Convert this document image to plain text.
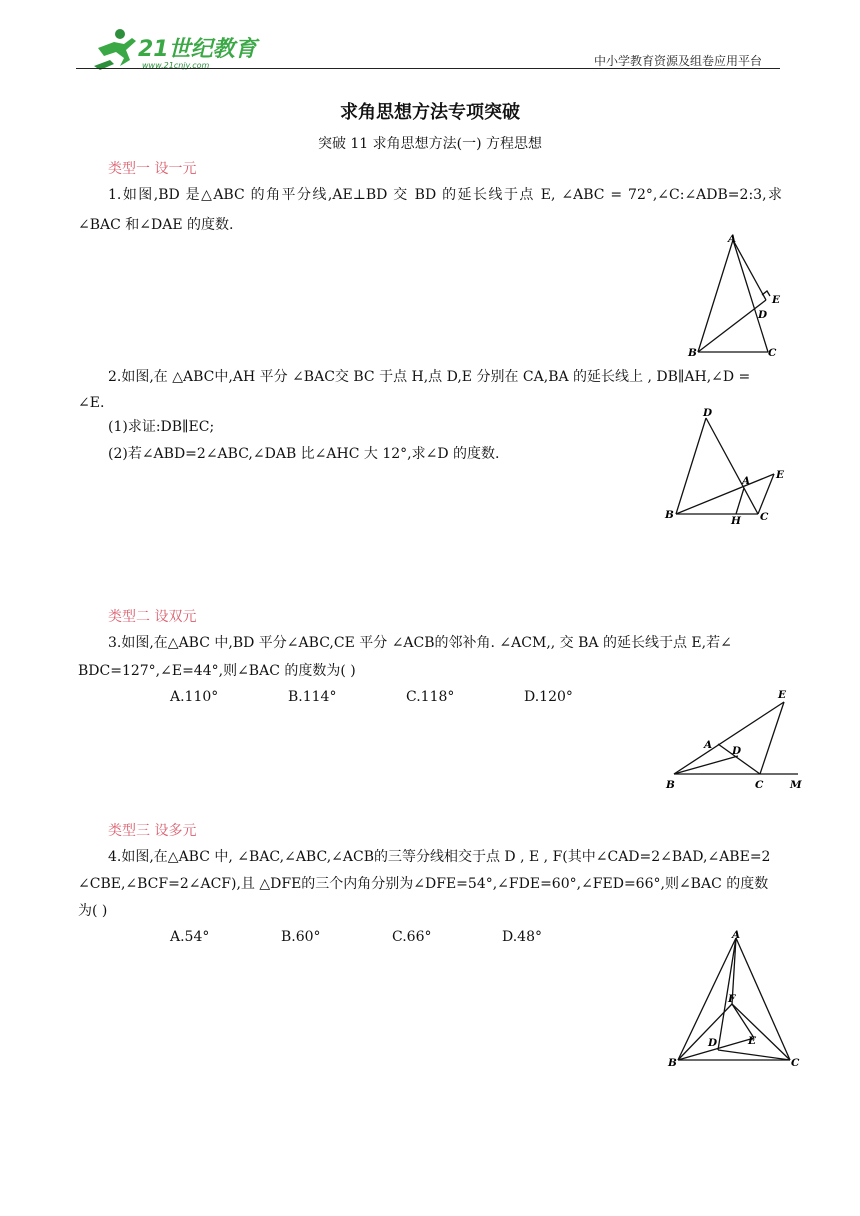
21世纪教育
www.21cnjy.com	中小学教育资源及组卷应用平台
求角思想方法专项突破
突破 11 求角思想方法(一) 方程思想
类型一 设一元
1.如图,BD 是△ABC 的角平分线,AE⊥BD 交 BD 的延长线于点 E, ∠ABC = 72°,∠C:∠ADB=2:3,求∠BAC 和∠DAE 的度数.
A
E
D
B	C
2.如图,在 △ABC中,AH 平分 ∠BAC交 BC 于点 H,点 D,E 分别在 CA,BA 的延长线上 , DB∥AH,∠D =
∠E.
(1)求证:DB∥EC;
(2)若∠ABD=2∠ABC,∠DAB 比∠AHC 大 12°,求∠D 的度数.
D
E
A
B	H C
类型二 设双元
3.如图,在△ABC 中,BD 平分∠ABC,CE 平分 ∠ACB的邻补角. ∠ACM,, 交 BA 的延长线于点 E,若∠
BDC=127°,∠E=44°,则∠BAC 的度数为( )
A.110°	B.114°	C.118°	D.120°	E
A D
B	C	M
类型三 设多元
4.如图,在△ABC 中, ∠BAC,∠ABC,∠ACB的三等分线相交于点 D , E , F(其中∠CAD=2∠BAD,∠ABE=2
∠CBE,∠BCF=2∠ACF),且 △DFE的三个内角分别为∠DFE=54°,∠FDE=60°,∠FED=66°,则∠BAC 的度数
为( )
A.54°	B.60°	C.66°	D.48°	A
F
D	E
B	C
